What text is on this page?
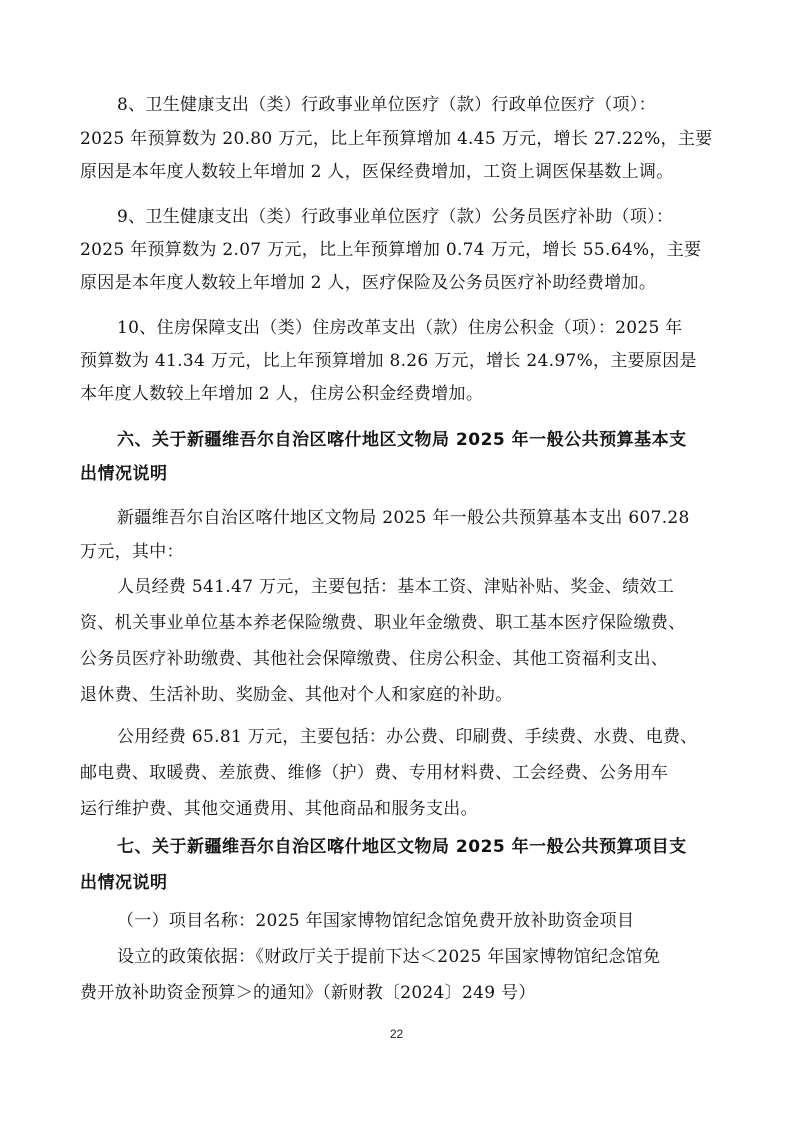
8、卫生健康支出（类）行政事业单位医疗（款）行政单位医疗（项）：
2025 年预算数为 20.80 万元，比上年预算增加 4.45 万元，增长 27.22%，主要
原因是本年度人数较上年增加 2 人，医保经费增加，工资上调医保基数上调。
9、卫生健康支出（类）行政事业单位医疗（款）公务员医疗补助（项）：
2025 年预算数为 2.07 万元，比上年预算增加 0.74 万元，增长 55.64%，主要
原因是本年度人数较上年增加 2 人，医疗保险及公务员医疗补助经费增加。
10、住房保障支出（类）住房改革支出（款）住房公积金（项）：2025 年
预算数为 41.34 万元，比上年预算增加 8.26 万元，增长 24.97%，主要原因是
本年度人数较上年增加 2 人，住房公积金经费增加。
六、关于新疆维吾尔自治区喀什地区文物局 2025 年一般公共预算基本支
出情况说明
新疆维吾尔自治区喀什地区文物局 2025 年一般公共预算基本支出 607.28
万元，其中：
人员经费 541.47 万元，主要包括：基本工资、津贴补贴、奖金、绩效工
资、机关事业单位基本养老保险缴费、职业年金缴费、职工基本医疗保险缴费、
公务员医疗补助缴费、其他社会保障缴费、住房公积金、其他工资福利支出、
退休费、生活补助、奖励金、其他对个人和家庭的补助。
公用经费 65.81 万元，主要包括：办公费、印刷费、手续费、水费、电费、
邮电费、取暖费、差旅费、维修（护）费、专用材料费、工会经费、公务用车
运行维护费、其他交通费用、其他商品和服务支出。
七、关于新疆维吾尔自治区喀什地区文物局 2025 年一般公共预算项目支
出情况说明
（一）项目名称：2025 年国家博物馆纪念馆免费开放补助资金项目
设立的政策依据：《财政厅关于提前下达＜2025 年国家博物馆纪念馆免
费开放补助资金预算＞的通知》（新财教〔2024〕249 号）
22
